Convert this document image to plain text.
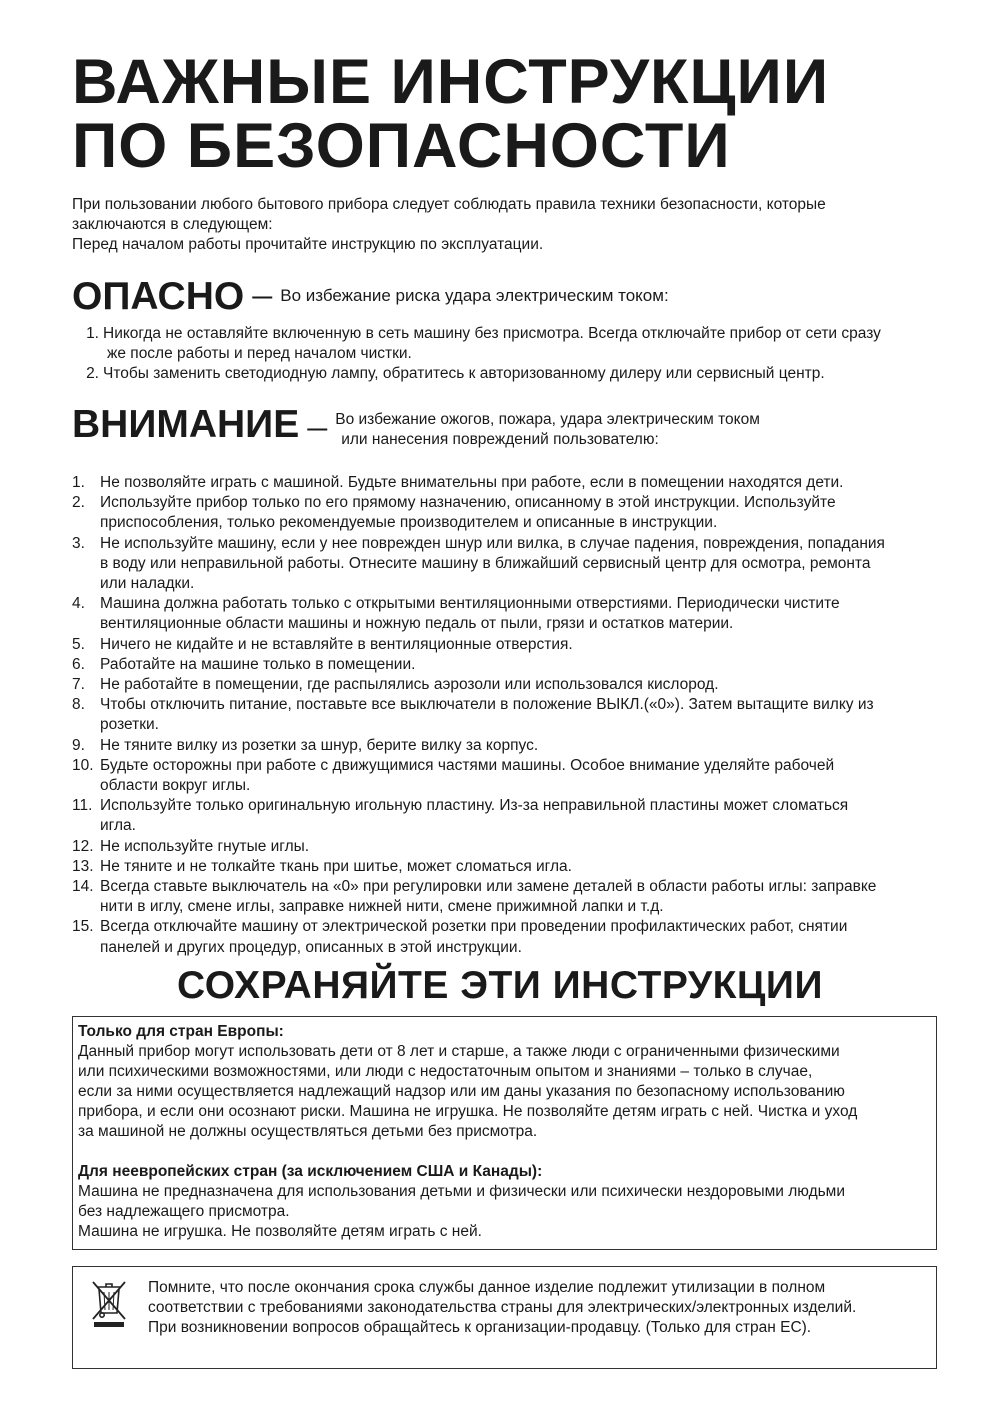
ВАЖНЫЕ ИНСТРУКЦИИ
ПО БЕЗОПАСНОСТИ
При пользовании любого бытового прибора следует соблюдать правила техники безопасности, которые
заключаются в следующем:
Перед началом работы прочитайте инструкцию по эксплуатации.
ОПАСНО — Во избежание риска удара электрическим током:
1. Никогда не оставляйте включенную в сеть машину без присмотра. Всегда отключайте прибор от сети сразу
же после работы и перед началом чистки.
2. Чтобы заменить светодиодную лампу, обратитесь к авторизованному дилеру или сервисный центр.
ВНИМАНИЕ — Во избежание ожогов, пожара, удара электрическим током
или нанесения повреждений пользователю:
1. Не позволяйте играть с машиной. Будьте внимательны при работе, если в помещении находятся дети.
2. Используйте прибор только по его прямому назначению, описанному в этой инструкции. Используйте
приспособления, только рекомендуемые производителем и описанные в инструкции.
3. Не используйте машину, если у нее поврежден шнур или вилка, в случае падения, повреждения, попадания
в воду или неправильной работы. Отнесите машину в ближайший сервисный центр для осмотра, ремонта
или наладки.
4. Машина должна работать только с открытыми вентиляционными отверстиями. Периодически чистите
вентиляционные области машины и ножную педаль от пыли, грязи и остатков материи.
5. Ничего не кидайте и не вставляйте в вентиляционные отверстия.
6. Работайте на машине только в помещении.
7. Не работайте в помещении, где распылялись аэрозоли или использовался кислород.
8. Чтобы отключить питание, поставьте все выключатели в положение ВЫКЛ.(«0»). Затем вытащите вилку из
розетки.
9. Не тяните вилку из розетки за шнур, берите вилку за корпус.
10. Будьте осторожны при работе с движущимися частями машины. Особое внимание уделяйте рабочей
области вокруг иглы.
11. Используйте только оригинальную игольную пластину. Из-за неправильной пластины может сломаться
игла.
12. Не используйте гнутые иглы.
13. Не тяните и не толкайте ткань при шитье, может сломаться игла.
14. Всегда ставьте выключатель на «0» при регулировки или замене деталей в области работы иглы: заправке
нити в иглу, смене иглы, заправке нижней нити, смене прижимной лапки и т.д.
15. Всегда отключайте машину от электрической розетки при проведении профилактических работ, снятии
панелей и других процедур, описанных в этой инструкции.
СОХРАНЯЙТЕ ЭТИ ИНСТРУКЦИИ
Только для стран Европы:
Данный прибор могут использовать дети от 8 лет и старше, а также люди с ограниченными физическими
или психическими возможностями, или люди с недостаточным опытом и знаниями – только в случае,
если за ними осуществляется надлежащий надзор или им даны указания по безопасному использованию
прибора, и если они осознают риски. Машина не игрушка. Не позволяйте детям играть с ней. Чистка и уход
за машиной не должны осуществляться детьми без присмотра.
Для неевропейских стран (за исключением США и Канады):
Машина не предназначена для использования детьми и физически или психически нездоровыми людьми
без надлежащего присмотра.
Машина не игрушка. Не позволяйте детям играть с ней.
Помните, что после окончания срока службы данное изделие подлежит утилизации в полном
соответствии с требованиями законодательства страны для электрических/электронных изделий.
При возникновении вопросов обращайтесь к организации-продавцу. (Только для стран ЕС).
